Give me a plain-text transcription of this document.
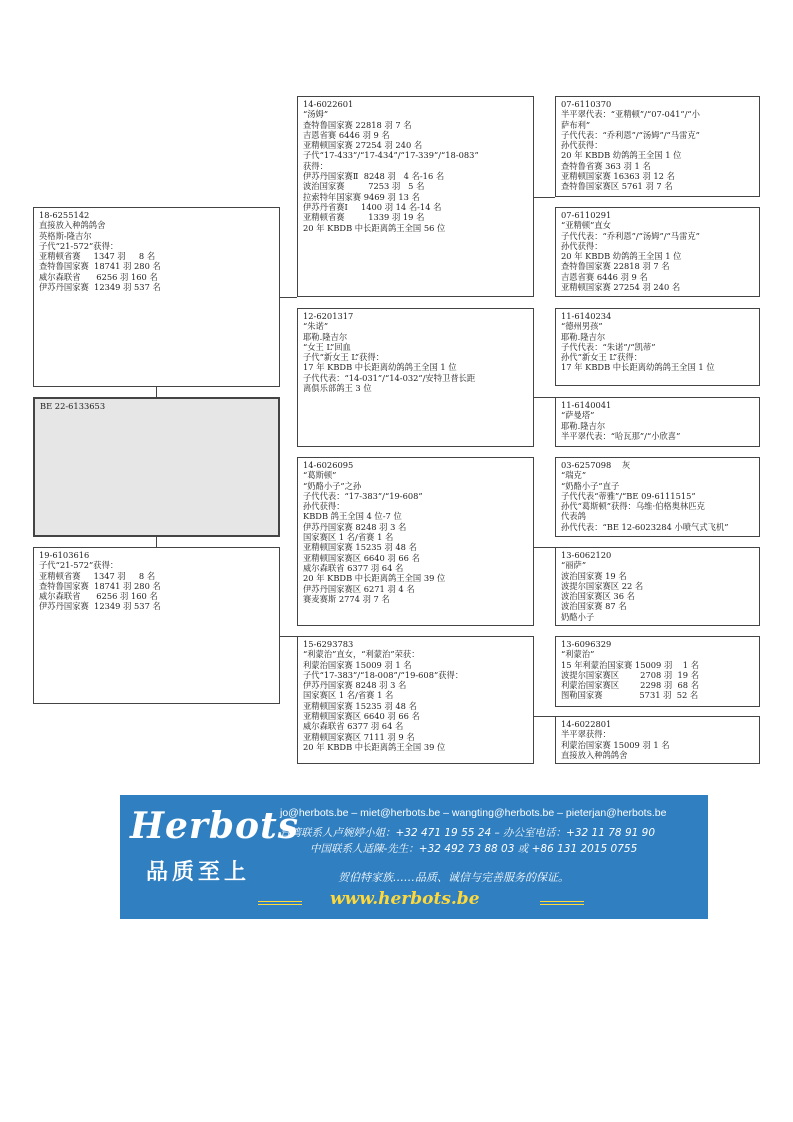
07-6110370
半平翠代表：“亚精顿”/“07-041”/“小
萨布利”
子代代表：“乔利恩”/“汤姆”/“马雷克”
孙代获得：
20 年 KBDB 幼鸽鸽王全国 1 位
查特鲁省赛 363 羽 1 名
亚精顿国家赛 16363 羽 12 名
查特鲁国家赛区 5761 羽 7 名
07-6110291
“亚精顿”直女
子代代表：“乔利恩”/“汤姆”/“马雷克”
孙代获得：
20 年 KBDB 幼鸽鸽王全国 1 位
查特鲁国家赛 22818 羽 7 名
吉恩省赛 6446 羽 9 名
亚精顿国家赛 27254 羽 240 名
11-6140234
“德州男孩”
耶勒.隆吉尔
子代代表：“朱诺”/“凯蒂”
孙代“新女王 L”获得：
17 年 KBDB 中长距离幼鸽鸽王全国 1 位
11-6140041
“萨曼塔”
耶勒.隆吉尔
半平翠代表：“哈瓦那”/“小欣喜”
03-6257098    灰
“瑞克”
“奶酪小子”直子
子代代表“蒂雅”/“BE 09-6111515”
孙代“葛斯顿”获得：乌维·伯格奥林匹克
代表鸽
孙代代表：“BE 12-6023284 小喷气式飞机”
13-6062120
“丽萨”
波治国家赛 19 名
波提尔国家赛区 22 名
波治国家赛区 36 名
波治国家赛 87 名
奶酪小子
13-6096329
“利蒙治”
15 年利蒙治国家赛 15009 羽    1 名
波提尔国家赛区        2708 羽  19 名
利蒙治国家赛区        2298 羽  68 名
图勒国家赛              5731 羽  52 名
14-6022801
半平翠获得：
利蒙治国家赛 15009 羽 1 名
直接放入种鸽鸽舍
14-6022601
“汤姆”
查特鲁国家赛 22818 羽 7 名
吉恩省赛 6446 羽 9 名
亚精顿国家赛 27254 羽 240 名
子代“17-433”/“17-434”/“17-339”/“18-083”
获得：
伊苏丹国家赛Ⅱ  8248 羽   4 名-16 名
波治国家赛         7253 羽   5 名
拉索特年国家赛 9469 羽 13 名
伊苏丹省赛Ⅰ     1400 羽 14 名-14 名
亚精顿省赛         1339 羽 19 名
20 年 KBDB 中长距离鸽王全国 56 位
12-6201317
“朱诺”
耶勒.隆吉尔
“女王 L”回血
子代“新女王 L”获得：
17 年 KBDB 中长距离幼鸽鸽王全国 1 位
子代代表：“14-031”/“14-032”/安特卫普长距
离俱乐部鸽王 3 位
14-6026095
“葛斯顿”
“奶酪小子”之孙
子代代表：“17-383”/“19-608”
孙代获得：
KBDB 鸽王全国 4 位-7 位
伊苏丹国家赛 8248 羽 3 名
国家赛区 1 名/省赛 1 名
亚精顿国家赛 15235 羽 48 名
亚精顿国家赛区 6640 羽 66 名
威尔森联省 6377 羽 64 名
20 年 KBDB 中长距离鸽王全国 39 位
伊苏丹国家赛区 6271 羽 4 名
赛麦赛斯 2774 羽 7 名
15-6293783
“利蒙治”直女，“利蒙治”荣获：
利蒙治国家赛 15009 羽 1 名
子代“17-383”/“18-008”/“19-608”获得：
伊苏丹国家赛 8248 羽 3 名
国家赛区 1 名/省赛 1 名
亚精顿国家赛 15235 羽 48 名
亚精顿国家赛区 6640 羽 66 名
威尔森联省 6377 羽 64 名
亚精顿国家赛区 7111 羽 9 名
20 年 KBDB 中长距离鸽王全国 39 位
18-6255142
直接放入种鸽鸽舍
英格斯-隆吉尔
子代“21-572”获得：
亚精顿省赛     1347 羽     8 名
查特鲁国家赛  18741 羽 280 名
威尔森联省      6256 羽 160 名
伊苏丹国家赛  12349 羽 537 名
19-6103616
子代“21-572”获得：
亚精顿省赛     1347 羽     8 名
查特鲁国家赛  18741 羽 280 名
威尔森联省      6256 羽 160 名
伊苏丹国家赛  12349 羽 537 名
BE 22-6133653
Herbots
品质至上
jo@herbots.be – miet@herbots.be – wangting@herbots.be – pieterjan@herbots.be
台湾联系人卢婉婷小姐：+32 471 19 55 24 – 办公室电话：+32 11 78 91 90
中国联系人适陳-先生：+32 492 73 88 03 或 +86 131 2015 0755
贺伯特家族……品质、诚信与完善服务的保证。
www.herbots.be
